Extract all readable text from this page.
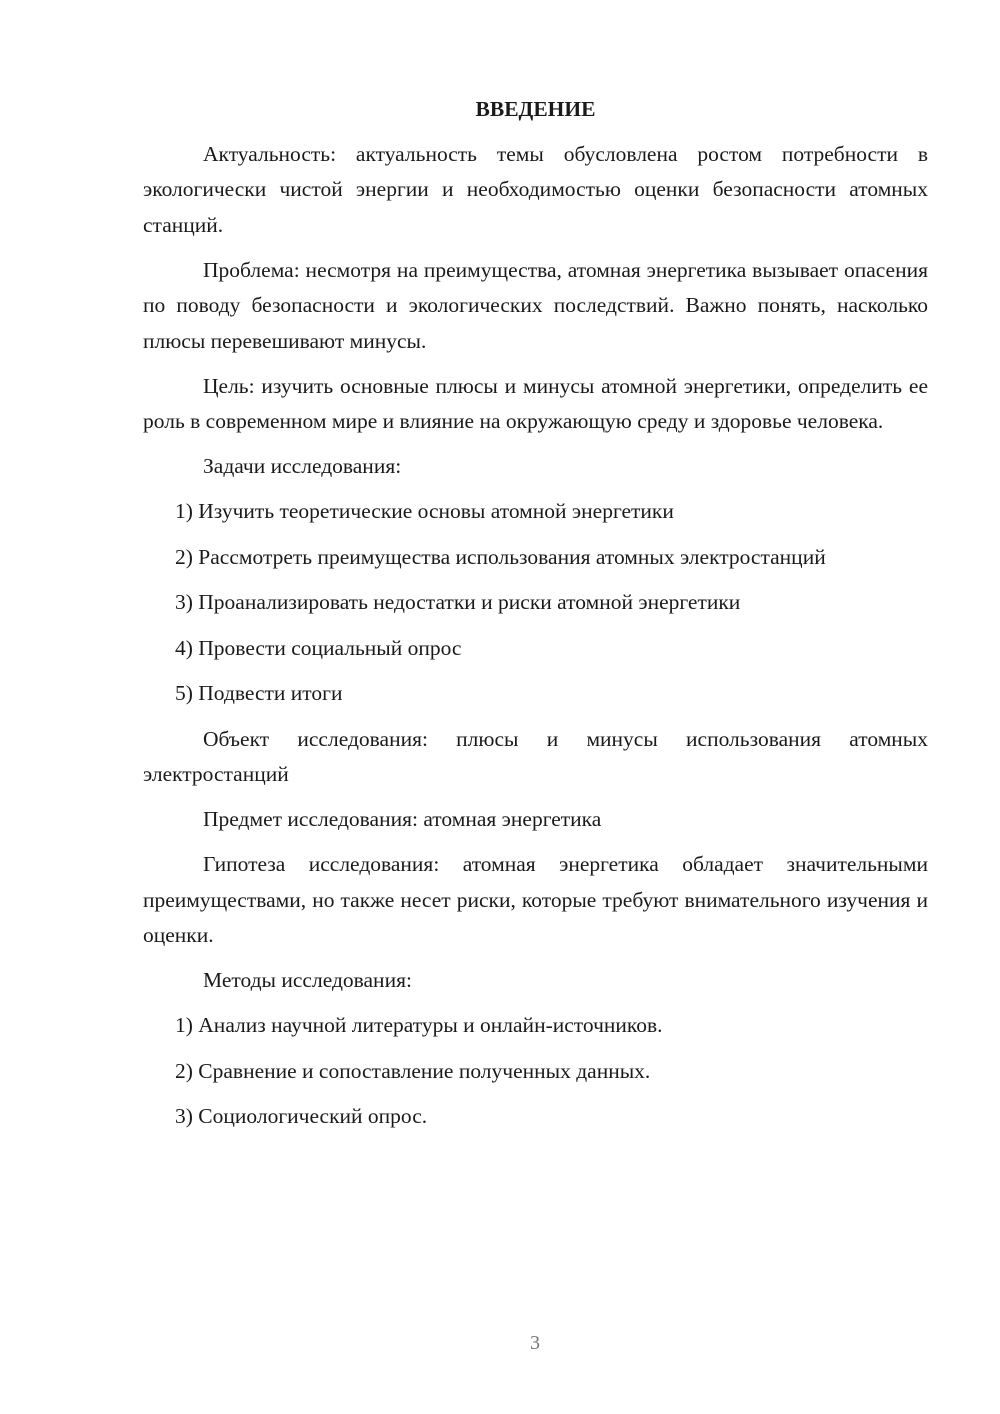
ВВЕДЕНИЕ

Актуальность: актуальность темы обусловлена ростом потребности в экологически чистой энергии и необходимостью оценки безопасности атомных станций.

Проблема: несмотря на преимущества, атомная энергетика вызывает опасения по поводу безопасности и экологических последствий. Важно понять, насколько плюсы перевешивают минусы.

Цель: изучить основные плюсы и минусы атомной энергетики, определить ее роль в современном мире и влияние на окружающую среду и здоровье человека.

Задачи исследования:

1) Изучить теоретические основы атомной энергетики

2) Рассмотреть преимущества использования атомных электростанций

3) Проанализировать недостатки и риски атомной энергетики

4) Провести социальный опрос

5) Подвести итоги

Объект исследования: плюсы и минусы использования атомных электростанций

Предмет исследования: атомная энергетика

Гипотеза исследования: атомная энергетика обладает значительными преимуществами, но также несет риски, которые требуют внимательного изучения и оценки.

Методы исследования:

1) Анализ научной литературы и онлайн-источников.

2) Сравнение и сопоставление полученных данных.

3) Социологический опрос.

3
